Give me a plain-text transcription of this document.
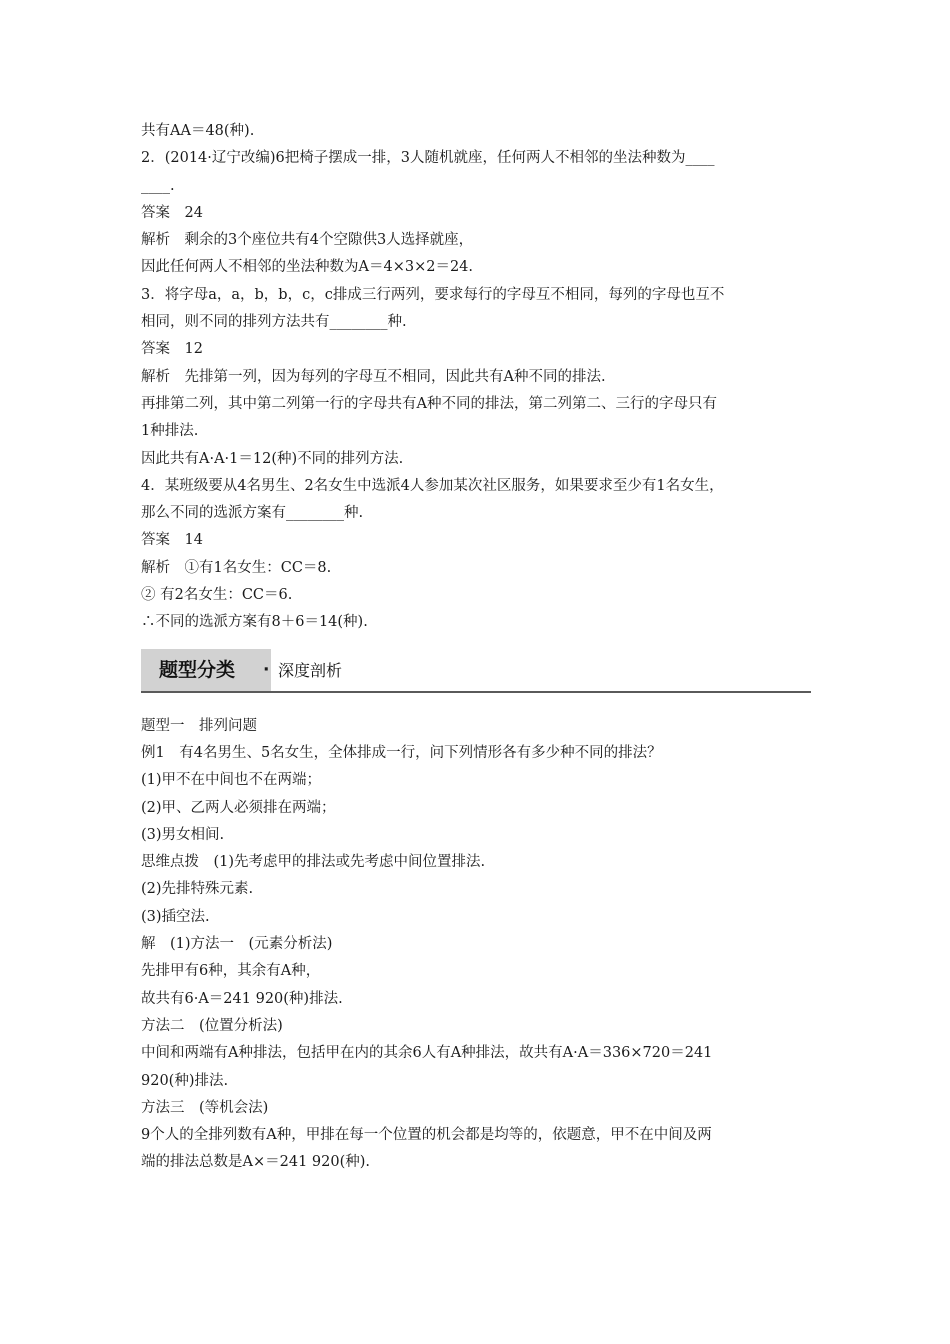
共有AA＝48(种).
2．(2014·辽宁改编)6把椅子摆成一排，3人随机就座，任何两人不相邻的坐法种数为____
____.
答案　24
解析　剩余的3个座位共有4个空隙供3人选择就座，
因此任何两人不相邻的坐法种数为A＝4×3×2＝24.
3．将字母a，a，b，b，c，c排成三行两列，要求每行的字母互不相同，每列的字母也互不
相同，则不同的排列方法共有________种.
答案　12
解析　先排第一列，因为每列的字母互不相同，因此共有A种不同的排法.
再排第二列，其中第二列第一行的字母共有A种不同的排法，第二列第二、三行的字母只有
1种排法.
因此共有A·A·1＝12(种)不同的排列方法.
4．某班级要从4名男生、2名女生中选派4人参加某次社区服务，如果要求至少有1名女生，
那么不同的选派方案有________种.
答案　14
解析　①有1名女生：CC＝8.
② 有2名女生：CC＝6.
∴不同的选派方案有8＋6＝14(种).
题型分类 · 深度剖析
题型一　排列问题
例1　有4名男生、5名女生，全体排成一行，问下列情形各有多少种不同的排法？
(1)甲不在中间也不在两端；
(2)甲、乙两人必须排在两端；
(3)男女相间.
思维点拨　(1)先考虑甲的排法或先考虑中间位置排法.
(2)先排特殊元素.
(3)插空法.
解　(1)方法一　(元素分析法)
先排甲有6种，其余有A种，
故共有6·A＝241 920(种)排法.
方法二　(位置分析法)
中间和两端有A种排法，包括甲在内的其余6人有A种排法，故共有A·A＝336×720＝241
920(种)排法.
方法三　(等机会法)
9个人的全排列数有A种，甲排在每一个位置的机会都是均等的，依题意，甲不在中间及两
端的排法总数是A×＝241 920(种).
